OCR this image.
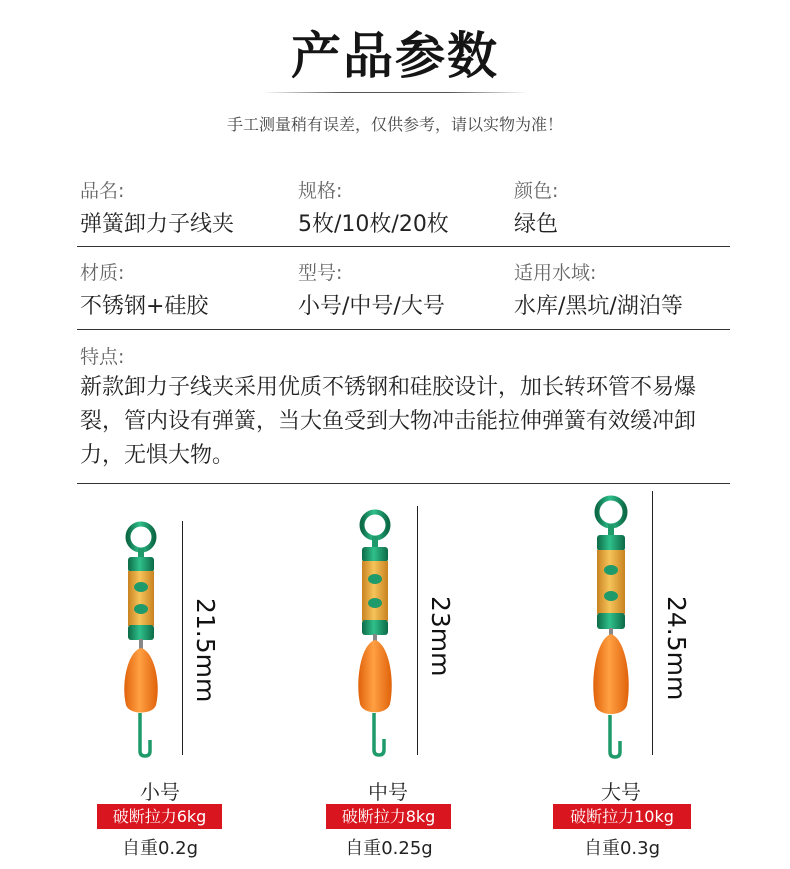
产品参数
手工测量稍有误差，仅供参考，请以实物为准！
品名:
弹簧卸力子线夹
规格:
5枚/10枚/20枚
颜色:
绿色
材质:
不锈钢+硅胶
型号:
小号/中号/大号
适用水域:
水库/黑坑/湖泊等
特点:
新款卸力子线夹采用优质不锈钢和硅胶设计，加长转环管不易爆裂，管内设有弹簧，当大鱼受到大物冲击能拉伸弹簧有效缓冲卸力，无惧大物。
21.5mm
小号
破断拉力6kg
自重0.2g
23mm
中号
破断拉力8kg
自重0.25g
24.5mm
大号
破断拉力10kg
自重0.3g
